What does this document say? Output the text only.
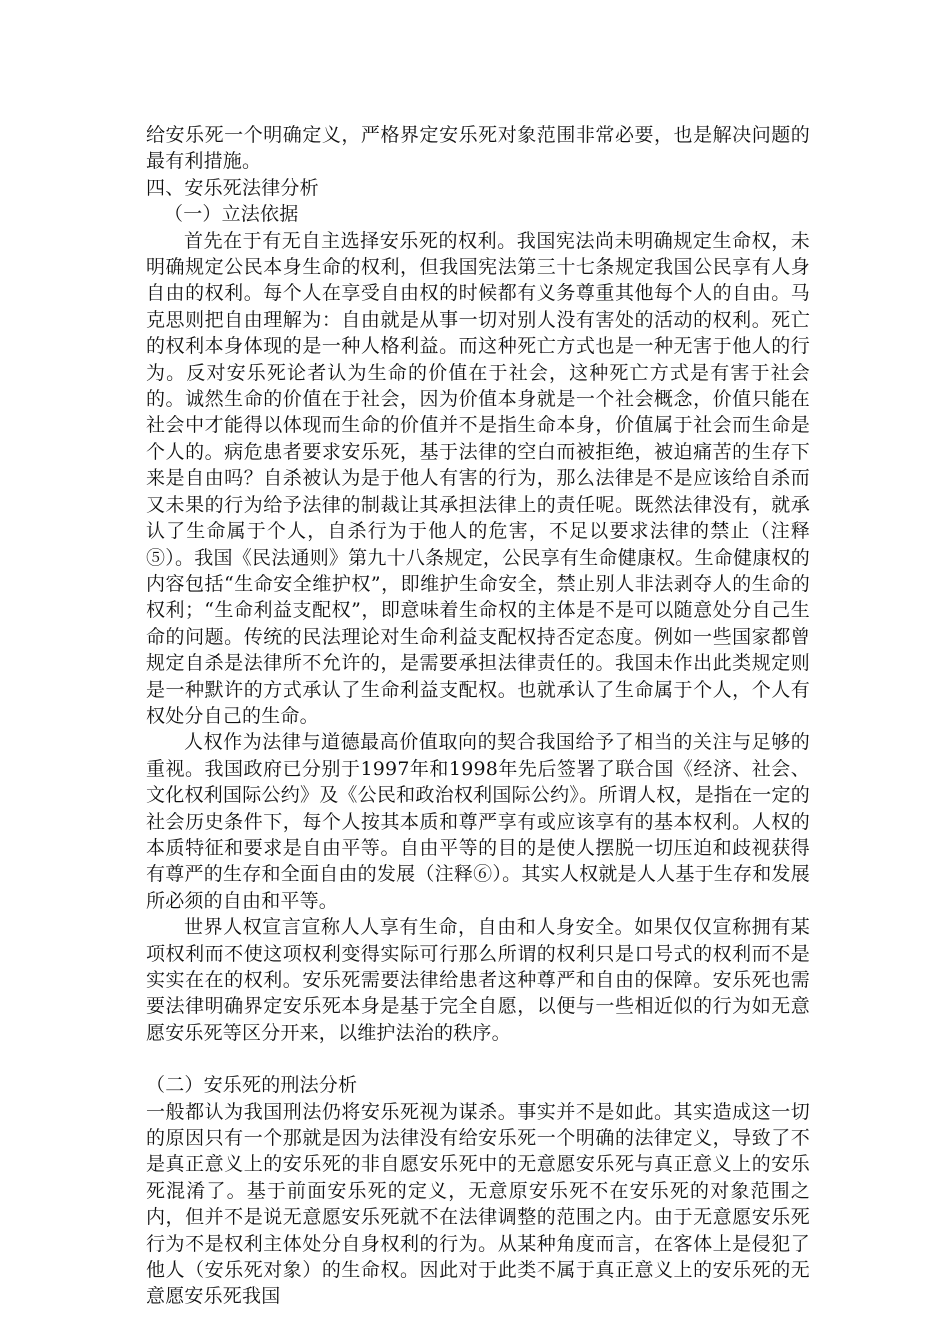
给安乐死一个明确定义，严格界定安乐死对象范围非常必要，也是解决问题的最有利措施。

四、安乐死法律分析

（一）立法依据

首先在于有无自主选择安乐死的权利。我国宪法尚未明确规定生命权，未明确规定公民本身生命的权利，但我国宪法第三十七条规定我国公民享有人身自由的权利。每个人在享受自由权的时候都有义务尊重其他每个人的自由。马克思则把自由理解为：自由就是从事一切对别人没有害处的活动的权利。死亡的权利本身体现的是一种人格利益。而这种死亡方式也是一种无害于他人的行为。反对安乐死论者认为生命的价值在于社会，这种死亡方式是有害于社会的。诚然生命的价值在于社会，因为价值本身就是一个社会概念，价值只能在社会中才能得以体现而生命的价值并不是指生命本身，价值属于社会而生命是个人的。病危患者要求安乐死，基于法律的空白而被拒绝，被迫痛苦的生存下来是自由吗？自杀被认为是于他人有害的行为，那么法律是不是应该给自杀而又未果的行为给予法律的制裁让其承担法律上的责任呢。既然法律没有，就承认了生命属于个人，自杀行为于他人的危害，不足以要求法律的禁止（注释⑤）。我国《民法通则》第九十八条规定，公民享有生命健康权。生命健康权的内容包括“生命安全维护权”，即维护生命安全，禁止别人非法剥夺人的生命的权利；“生命利益支配权”，即意味着生命权的主体是不是可以随意处分自己生命的问题。传统的民法理论对生命利益支配权持否定态度。例如一些国家都曾规定自杀是法律所不允许的，是需要承担法律责任的。我国未作出此类规定则是一种默许的方式承认了生命利益支配权。也就承认了生命属于个人，个人有权处分自己的生命。

人权作为法律与道德最高价值取向的契合我国给予了相当的关注与足够的重视。我国政府已分别于1997年和1998年先后签署了联合国《经济、社会、文化权利国际公约》及《公民和政治权利国际公约》。所谓人权，是指在一定的社会历史条件下，每个人按其本质和尊严享有或应该享有的基本权利。人权的本质特征和要求是自由平等。自由平等的目的是使人摆脱一切压迫和歧视获得有尊严的生存和全面自由的发展（注释⑥）。其实人权就是人人基于生存和发展所必须的自由和平等。

世界人权宣言宣称人人享有生命，自由和人身安全。如果仅仅宣称拥有某项权利而不使这项权利变得实际可行那么所谓的权利只是口号式的权利而不是实实在在的权利。安乐死需要法律给患者这种尊严和自由的保障。安乐死也需要法律明确界定安乐死本身是基于完全自愿，以便与一些相近似的行为如无意愿安乐死等区分开来，以维护法治的秩序。

（二）安乐死的刑法分析

一般都认为我国刑法仍将安乐死视为谋杀。事实并不是如此。其实造成这一切的原因只有一个那就是因为法律没有给安乐死一个明确的法律定义，导致了不是真正意义上的安乐死的非自愿安乐死中的无意愿安乐死与真正意义上的安乐死混淆了。基于前面安乐死的定义，无意原安乐死不在安乐死的对象范围之内，但并不是说无意愿安乐死就不在法律调整的范围之内。由于无意愿安乐死行为不是权利主体处分自身权利的行为。从某种角度而言，在客体上是侵犯了他人（安乐死对象）的生命权。因此对于此类不属于真正意义上的安乐死的无意愿安乐死我国
